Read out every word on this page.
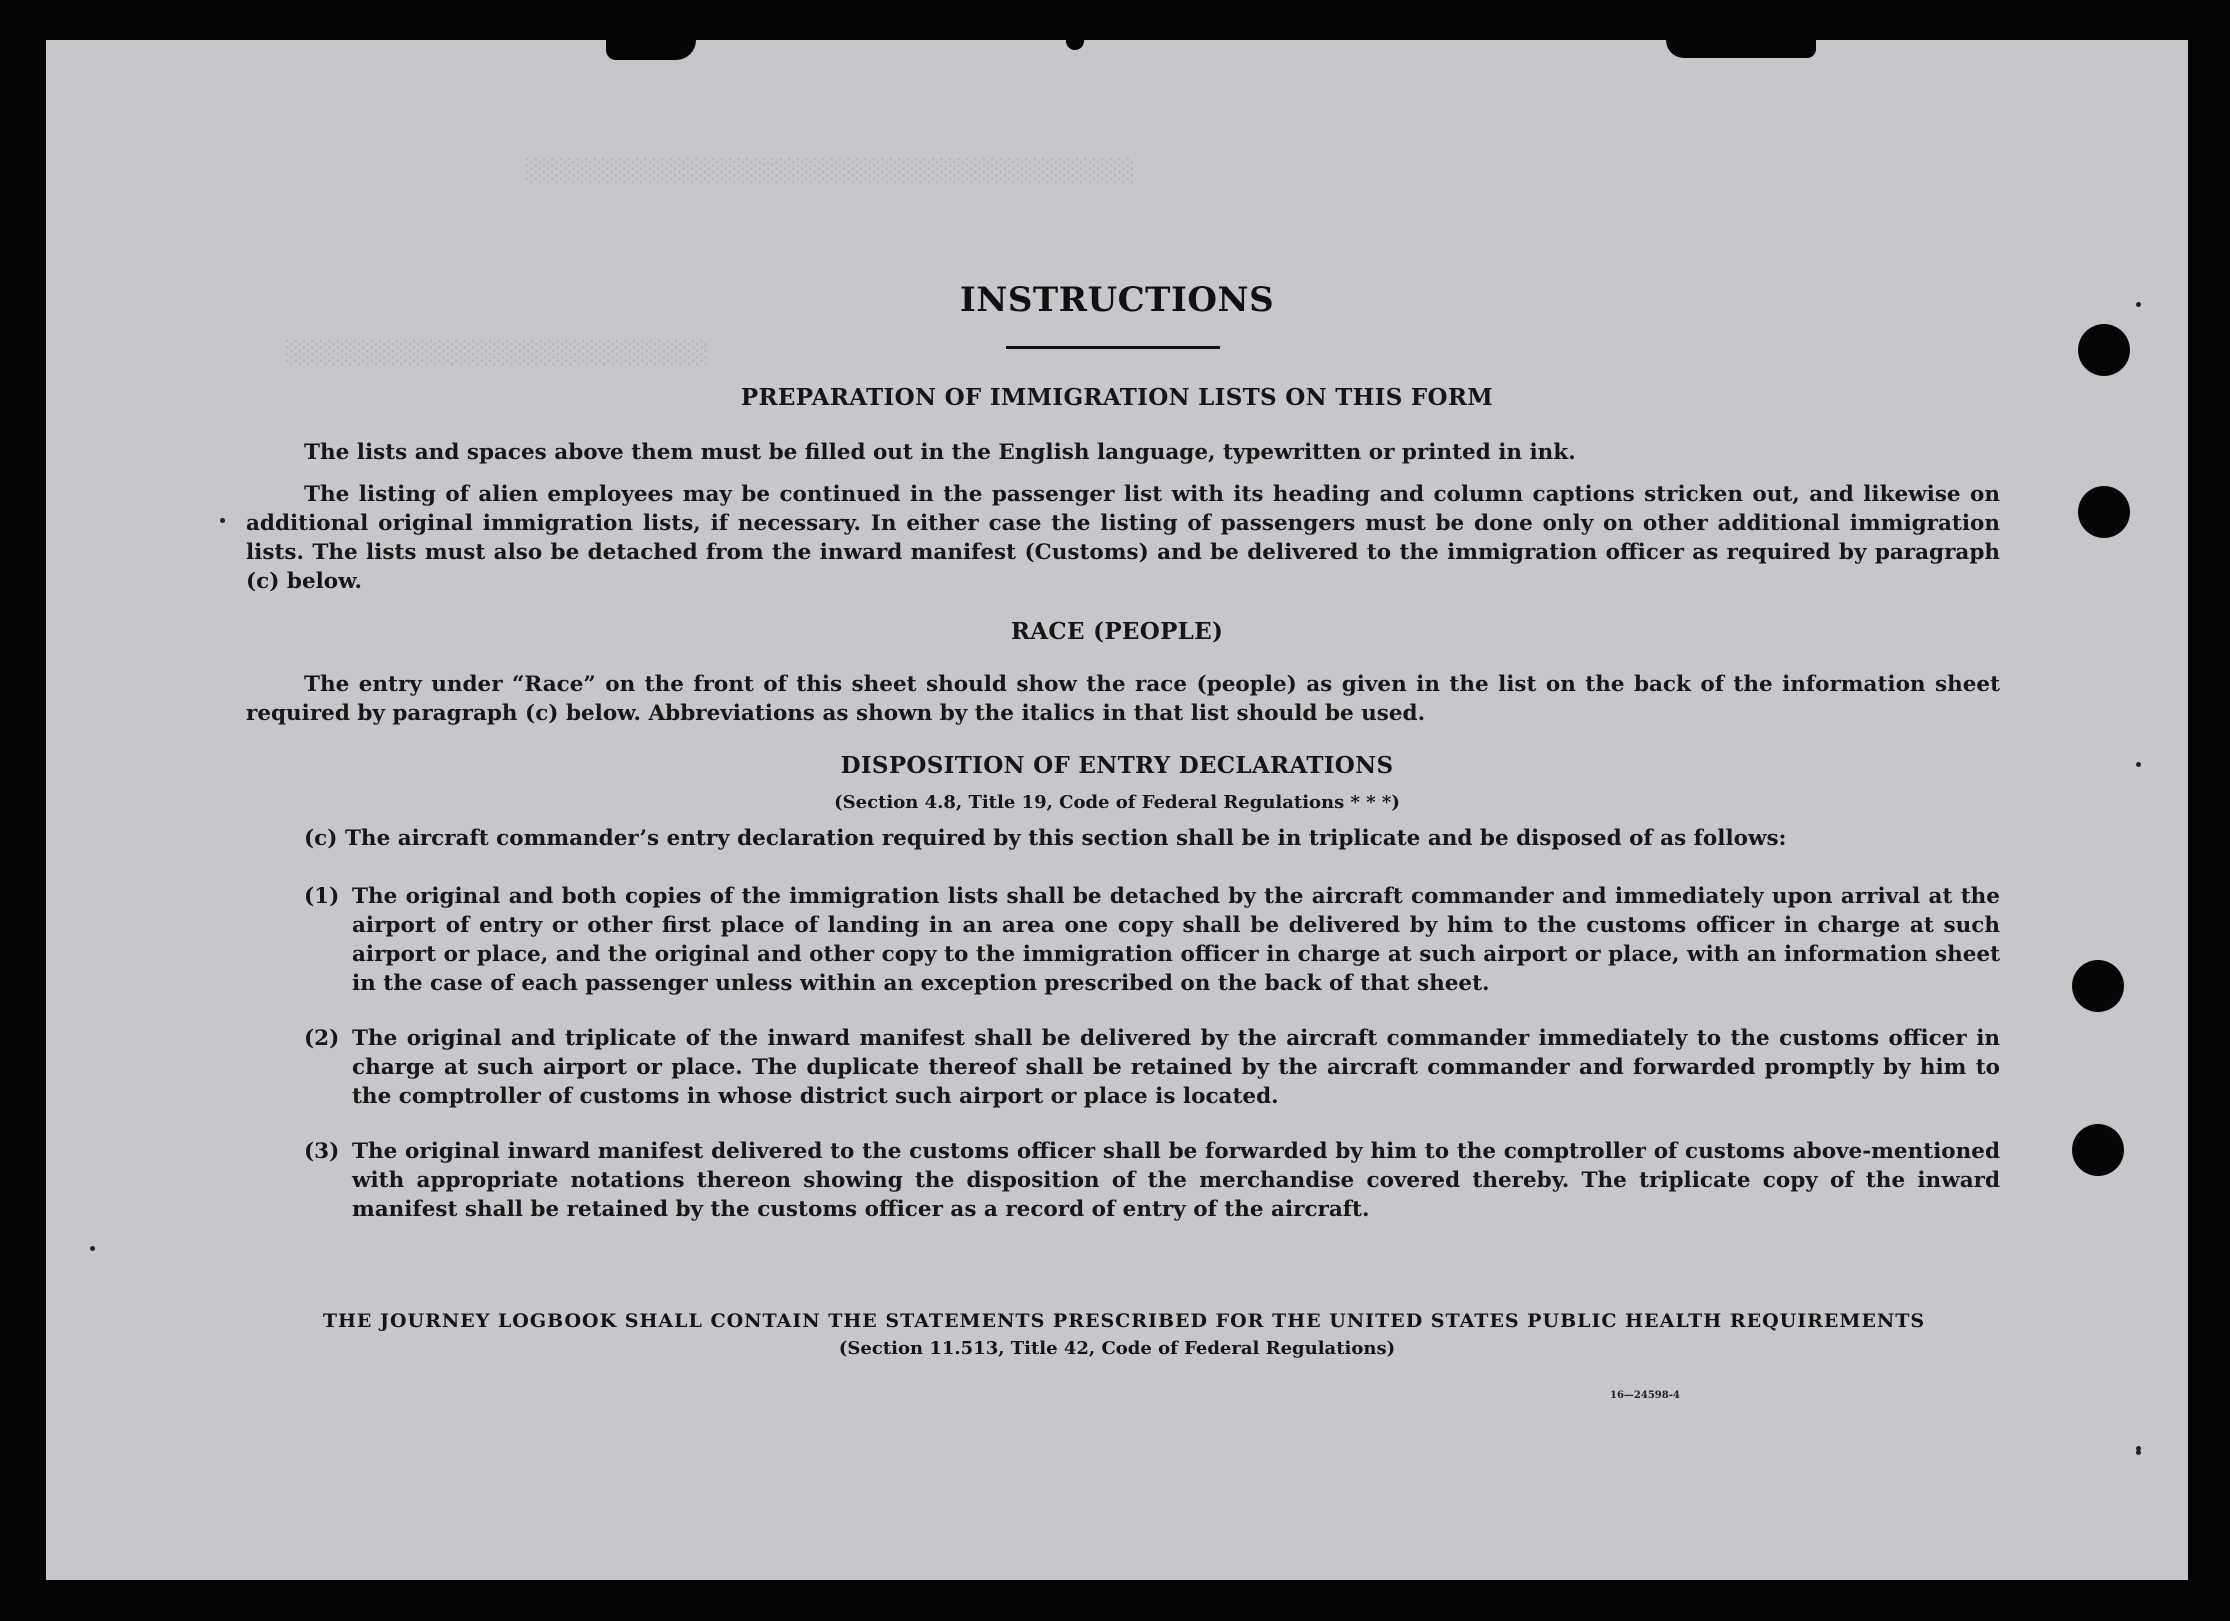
░░░░░░░░░░░░░░░░░░░░░░░░░░░░░░░░░░░░
░░░░░░░░░░░░░░░░░░░░░░░░░
INSTRUCTIONS
PREPARATION OF IMMIGRATION LISTS ON THIS FORM

The lists and spaces above them must be filled out in the English language, typewritten or printed in ink.

The listing of alien employees may be continued in the passenger list with its heading and column captions stricken out, and likewise on additional original immigration lists, if necessary. In either case the listing of passengers must be done only on other additional immigration lists. The lists must also be detached from the inward manifest (Customs) and be delivered to the immigration officer as required by paragraph (c) below.

RACE (PEOPLE)

The entry under “Race” on the front of this sheet should show the race (people) as given in the list on the back of the information sheet required by paragraph (c) below. Abbreviations as shown by the italics in that list should be used.

DISPOSITION OF ENTRY DECLARATIONS

(Section 4.8, Title 19, Code of Federal Regulations * * *)

(c) The aircraft commander’s entry declaration required by this section shall be in triplicate and be disposed of as follows:

(1) The original and both copies of the immigration lists shall be detached by the aircraft commander and immediately upon arrival at the airport of entry or other first place of landing in an area one copy shall be delivered by him to the customs officer in charge at such airport or place, and the original and other copy to the immigration officer in charge at such airport or place, with an information sheet in the case of each passenger unless within an exception prescribed on the back of that sheet.
(2) The original and triplicate of the inward manifest shall be delivered by the aircraft commander immediately to the customs officer in charge at such airport or place. The duplicate thereof shall be retained by the aircraft commander and forwarded promptly by him to the comptroller of customs in whose district such airport or place is located.
(3) The original inward manifest delivered to the customs officer shall be forwarded by him to the comptroller of customs above-mentioned with appropriate notations thereon showing the disposition of the merchandise covered thereby. The triplicate copy of the inward manifest shall be retained by the customs officer as a record of entry of the aircraft.

THE JOURNEY LOGBOOK SHALL CONTAIN THE STATEMENTS PRESCRIBED FOR THE UNITED STATES PUBLIC HEALTH REQUIREMENTS

(Section 11.513, Title 42, Code of Federal Regulations)

16—24598-4
